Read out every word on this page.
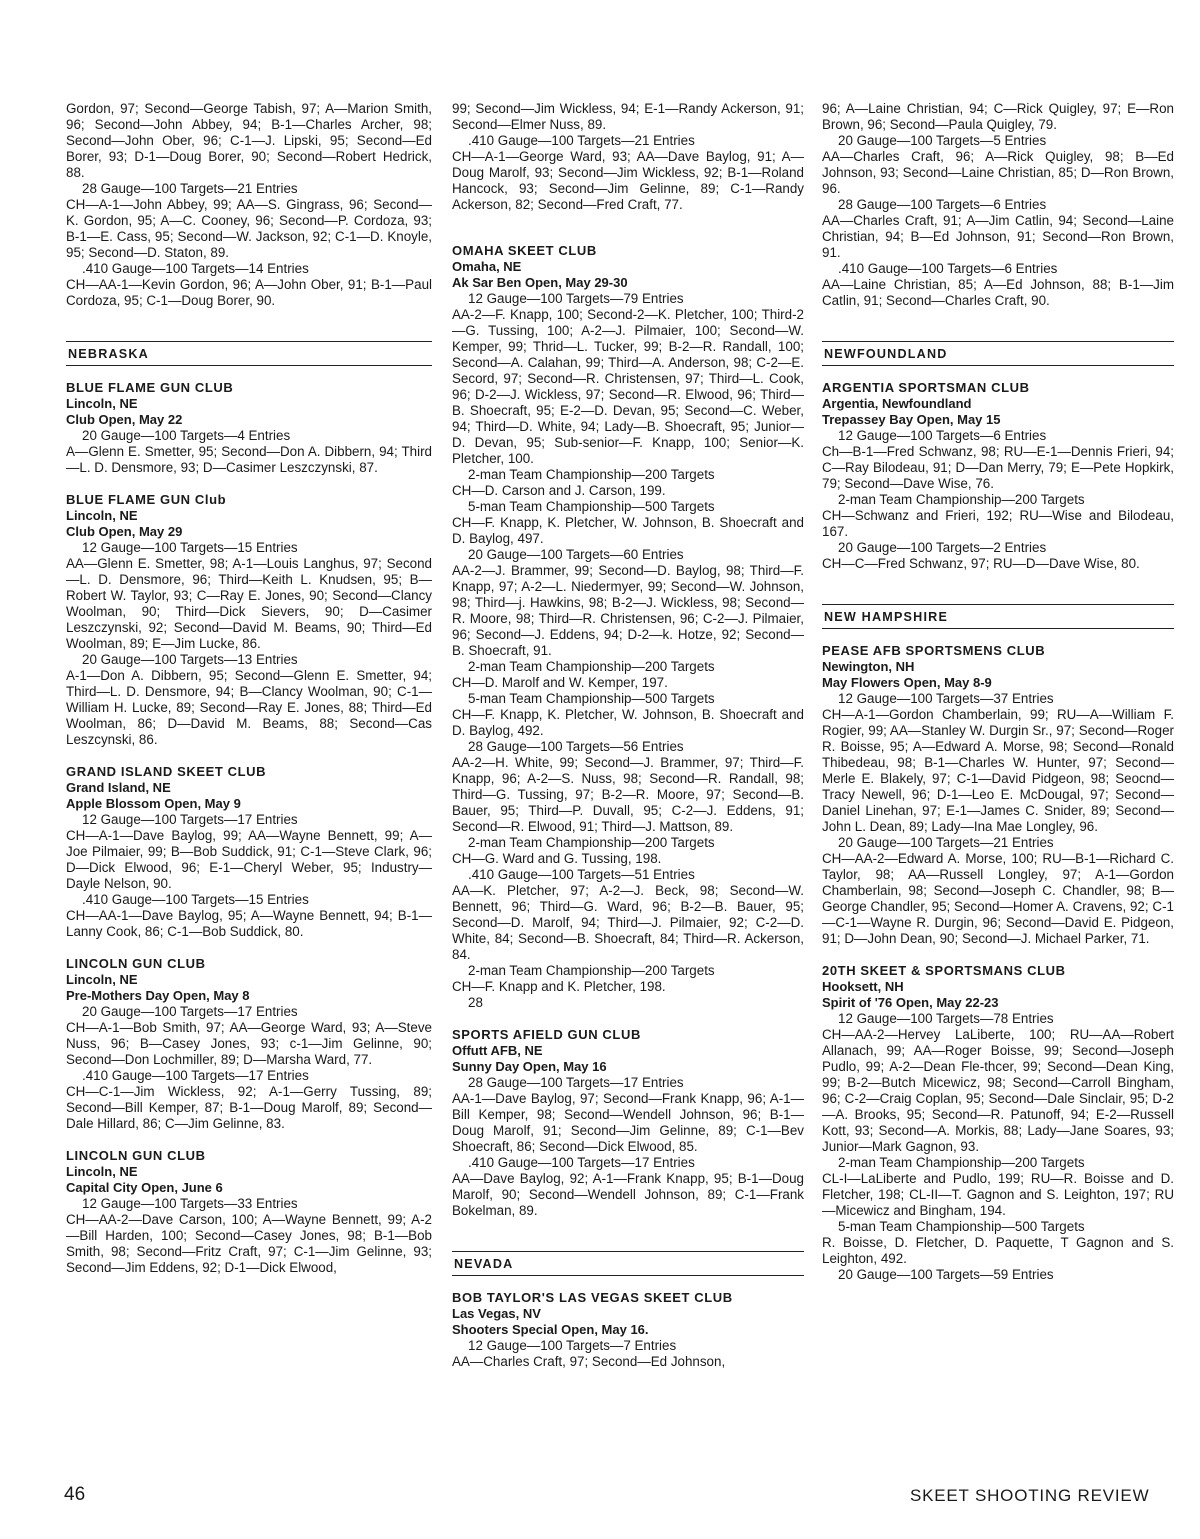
Gordon, 97; Second—George Tabish, 97; A—Marion Smith, 96; Second—John Abbey, 94; B-1—Charles Archer, 98; Second—John Ober, 96; C-1—J. Lipski, 95; Second—Ed Borer, 93; D-1—Doug Borer, 90; Second—Robert Hedrick, 88.

28 Gauge—100 Targets—21 Entries

CH—A-1—John Abbey, 99; AA—S. Gingrass, 96; Second—K. Gordon, 95; A—C. Cooney, 96; Second—P. Cordoza, 93; B-1—E. Cass, 95; Second—W. Jackson, 92; C-1—D. Knoyle, 95; Second—D. Staton, 89.

.410 Gauge—100 Targets—14 Entries

CH—AA-1—Kevin Gordon, 96; A—John Ober, 91; B-1—Paul Cordoza, 95; C-1—Doug Borer, 90.

NEBRASKA
BLUE FLAME GUN CLUB
Lincoln, NE
Club Open, May 22

20 Gauge—100 Targets—4 Entries

A—Glenn E. Smetter, 95; Second—Don A. Dibbern, 94; Third—L. D. Densmore, 93; D—Casimer Leszczynski, 87.

BLUE FLAME GUN Club
Lincoln, NE
Club Open, May 29

12 Gauge—100 Targets—15 Entries

AA—Glenn E. Smetter, 98; A-1—Louis Langhus, 97; Second—L. D. Densmore, 96; Third—Keith L. Knudsen, 95; B—Robert W. Taylor, 93; C—Ray E. Jones, 90; Second—Clancy Woolman, 90; Third—Dick Sievers, 90; D—Casimer Leszczynski, 92; Second—David M. Beams, 90; Third—Ed Woolman, 89; E—Jim Lucke, 86.

20 Gauge—100 Targets—13 Entries

A-1—Don A. Dibbern, 95; Second—Glenn E. Smetter, 94; Third—L. D. Densmore, 94; B—Clancy Woolman, 90; C-1—William H. Lucke, 89; Second—Ray E. Jones, 88; Third—Ed Woolman, 86; D—David M. Beams, 88; Second—Cas Leszcynski, 86.

GRAND ISLAND SKEET CLUB
Grand Island, NE
Apple Blossom Open, May 9

12 Gauge—100 Targets—17 Entries

CH—A-1—Dave Baylog, 99; AA—Wayne Bennett, 99; A—Joe Pilmaier, 99; B—Bob Suddick, 91; C-1—Steve Clark, 96; D—Dick Elwood, 96; E-1—Cheryl Weber, 95; Industry—Dayle Nelson, 90.

.410 Gauge—100 Targets—15 Entries

CH—AA-1—Dave Baylog, 95; A—Wayne Bennett, 94; B-1—Lanny Cook, 86; C-1—Bob Suddick, 80.

LINCOLN GUN CLUB
Lincoln, NE
Pre-Mothers Day Open, May 8

20 Gauge—100 Targets—17 Entries

CH—A-1—Bob Smith, 97; AA—George Ward, 93; A—Steve Nuss, 96; B—Casey Jones, 93; c-1—Jim Gelinne, 90; Second—Don Lochmiller, 89; D—Marsha Ward, 77.

.410 Gauge—100 Targets—17 Entries

CH—C-1—Jim Wickless, 92; A-1—Gerry Tussing, 89; Second—Bill Kemper, 87; B-1—Doug Marolf, 89; Second—Dale Hillard, 86; C—Jim Gelinne, 83.

LINCOLN GUN CLUB
Lincoln, NE
Capital City Open, June 6

12 Gauge—100 Targets—33 Entries

CH—AA-2—Dave Carson, 100; A—Wayne Bennett, 99; A-2—Bill Harden, 100; Second—Casey Jones, 98; B-1—Bob Smith, 98; Second—Fritz Craft, 97; C-1—Jim Gelinne, 93; Second—Jim Eddens, 92; D-1—Dick Elwood,

99; Second—Jim Wickless, 94; E-1—Randy Ackerson, 91; Second—Elmer Nuss, 89.

.410 Gauge—100 Targets—21 Entries

CH—A-1—George Ward, 93; AA—Dave Baylog, 91; A—Doug Marolf, 93; Second—Jim Wickless, 92; B-1—Roland Hancock, 93; Second—Jim Gelinne, 89; C-1—Randy Ackerson, 82; Second—Fred Craft, 77.

OMAHA SKEET CLUB
Omaha, NE
Ak Sar Ben Open, May 29-30

12 Gauge—100 Targets—79 Entries

AA-2—F. Knapp, 100; Second-2—K. Pletcher, 100; Third-2—G. Tussing, 100; A-2—J. Pilmaier, 100; Second—W. Kemper, 99; Thrid—L. Tucker, 99; B-2—R. Randall, 100; Second—A. Calahan, 99; Third—A. Anderson, 98; C-2—E. Secord, 97; Second—R. Christensen, 97; Third—L. Cook, 96; D-2—J. Wickless, 97; Second—R. Elwood, 96; Third—B. Shoecraft, 95; E-2—D. Devan, 95; Second—C. Weber, 94; Third—D. White, 94; Lady—B. Shoecraft, 95; Junior—D. Devan, 95; Sub-senior—F. Knapp, 100; Senior—K. Pletcher, 100.

2-man Team Championship—200 Targets

CH—D. Carson and J. Carson, 199.

5-man Team Championship—500 Targets

CH—F. Knapp, K. Pletcher, W. Johnson, B. Shoecraft and D. Baylog, 497.

20 Gauge—100 Targets—60 Entries

AA-2—J. Brammer, 99; Second—D. Baylog, 98; Third—F. Knapp, 97; A-2—L. Niedermyer, 99; Second—W. Johnson, 98; Third—j. Hawkins, 98; B-2—J. Wickless, 98; Second—R. Moore, 98; Third—R. Christensen, 96; C-2—J. Pilmaier, 96; Second—J. Eddens, 94; D-2—k. Hotze, 92; Second—B. Shoecraft, 91.

2-man Team Championship—200 Targets

CH—D. Marolf and W. Kemper, 197.

5-man Team Championship—500 Targets

CH—F. Knapp, K. Pletcher, W. Johnson, B. Shoecraft and D. Baylog, 492.

28 Gauge—100 Targets—56 Entries

AA-2—H. White, 99; Second—J. Brammer, 97; Third—F. Knapp, 96; A-2—S. Nuss, 98; Second—R. Randall, 98; Third—G. Tussing, 97; B-2—R. Moore, 97; Second—B. Bauer, 95; Third—P. Duvall, 95; C-2—J. Eddens, 91; Second—R. Elwood, 91; Third—J. Mattson, 89.

2-man Team Championship—200 Targets

CH—G. Ward and G. Tussing, 198.

.410 Gauge—100 Targets—51 Entries

AA—K. Pletcher, 97; A-2—J. Beck, 98; Second—W. Bennett, 96; Third—G. Ward, 96; B-2—B. Bauer, 95; Second—D. Marolf, 94; Third—J. Pilmaier, 92; C-2—D. White, 84; Second—B. Shoecraft, 84; Third—R. Ackerson, 84.

2-man Team Championship—200 Targets

CH—F. Knapp and K. Pletcher, 198.

28

SPORTS AFIELD GUN CLUB
Offutt AFB, NE
Sunny Day Open, May 16

28 Gauge—100 Targets—17 Entries

AA-1—Dave Baylog, 97; Second—Frank Knapp, 96; A-1—Bill Kemper, 98; Second—Wendell Johnson, 96; B-1—Doug Marolf, 91; Second—Jim Gelinne, 89; C-1—Bev Shoecraft, 86; Second—Dick Elwood, 85.

.410 Gauge—100 Targets—17 Entries

AA—Dave Baylog, 92; A-1—Frank Knapp, 95; B-1—Doug Marolf, 90; Second—Wendell Johnson, 89; C-1—Frank Bokelman, 89.

NEVADA
BOB TAYLOR'S LAS VEGAS SKEET CLUB
Las Vegas, NV
Shooters Special Open, May 16.

12 Gauge—100 Targets—7 Entries

AA—Charles Craft, 97; Second—Ed Johnson,

96; A—Laine Christian, 94; C—Rick Quigley, 97; E—Ron Brown, 96; Second—Paula Quigley, 79.

20 Gauge—100 Targets—5 Entries

AA—Charles Craft, 96; A—Rick Quigley, 98; B—Ed Johnson, 93; Second—Laine Christian, 85; D—Ron Brown, 96.

28 Gauge—100 Targets—6 Entries

AA—Charles Craft, 91; A—Jim Catlin, 94; Second—Laine Christian, 94; B—Ed Johnson, 91; Second—Ron Brown, 91.

.410 Gauge—100 Targets—6 Entries

AA—Laine Christian, 85; A—Ed Johnson, 88; B-1—Jim Catlin, 91; Second—Charles Craft, 90.

NEWFOUNDLAND
ARGENTIA SPORTSMAN CLUB
Argentia, Newfoundland
Trepassey Bay Open, May 15

12 Gauge—100 Targets—6 Entries

Ch—B-1—Fred Schwanz, 98; RU—E-1—Dennis Frieri, 94; C—Ray Bilodeau, 91; D—Dan Merry, 79; E—Pete Hopkirk, 79; Second—Dave Wise, 76.

2-man Team Championship—200 Targets

CH—Schwanz and Frieri, 192; RU—Wise and Bilodeau, 167.

20 Gauge—100 Targets—2 Entries

CH—C—Fred Schwanz, 97; RU—D—Dave Wise, 80.

NEW HAMPSHIRE
PEASE AFB SPORTSMENS CLUB
Newington, NH
May Flowers Open, May 8-9

12 Gauge—100 Targets—37 Entries

CH—A-1—Gordon Chamberlain, 99; RU—A—William F. Rogier, 99; AA—Stanley W. Durgin Sr., 97; Second—Roger R. Boisse, 95; A—Edward A. Morse, 98; Second—Ronald Thibedeau, 98; B-1—Charles W. Hunter, 97; Second—Merle E. Blakely, 97; C-1—David Pidgeon, 98; Seocnd—Tracy Newell, 96; D-1—Leo E. McDougal, 97; Second—Daniel Linehan, 97; E-1—James C. Snider, 89; Second—John L. Dean, 89; Lady—Ina Mae Longley, 96.

20 Gauge—100 Targets—21 Entries

CH—AA-2—Edward A. Morse, 100; RU—B-1—Richard C. Taylor, 98; AA—Russell Longley, 97; A-1—Gordon Chamberlain, 98; Second—Joseph C. Chandler, 98; B—George Chandler, 95; Second—Homer A. Cravens, 92; C-1—C-1—Wayne R. Durgin, 96; Second—David E. Pidgeon, 91; D—John Dean, 90; Second—J. Michael Parker, 71.

20TH SKEET & SPORTSMANS CLUB
Hooksett, NH
Spirit of '76 Open, May 22-23

12 Gauge—100 Targets—78 Entries

CH—AA-2—Hervey LaLiberte, 100; RU—AA—Robert Allanach, 99; AA—Roger Boisse, 99; Second—Joseph Pudlo, 99; A-2—Dean Fle-thcer, 99; Second—Dean King, 99; B-2—Butch Micewicz, 98; Second—Carroll Bingham, 96; C-2—Craig Coplan, 95; Second—Dale Sinclair, 95; D-2—A. Brooks, 95; Second—R. Patunoff, 94; E-2—Russell Kott, 93; Second—A. Morkis, 88; Lady—Jane Soares, 93; Junior—Mark Gagnon, 93.

2-man Team Championship—200 Targets

CL-I—LaLiberte and Pudlo, 199; RU—R. Boisse and D. Fletcher, 198; CL-II—T. Gagnon and S. Leighton, 197; RU—Micewicz and Bingham, 194.

5-man Team Championship—500 Targets

R. Boisse, D. Fletcher, D. Paquette, T Gagnon and S. Leighton, 492.

20 Gauge—100 Targets—59 Entries

46	SKEET SHOOTING REVIEW
